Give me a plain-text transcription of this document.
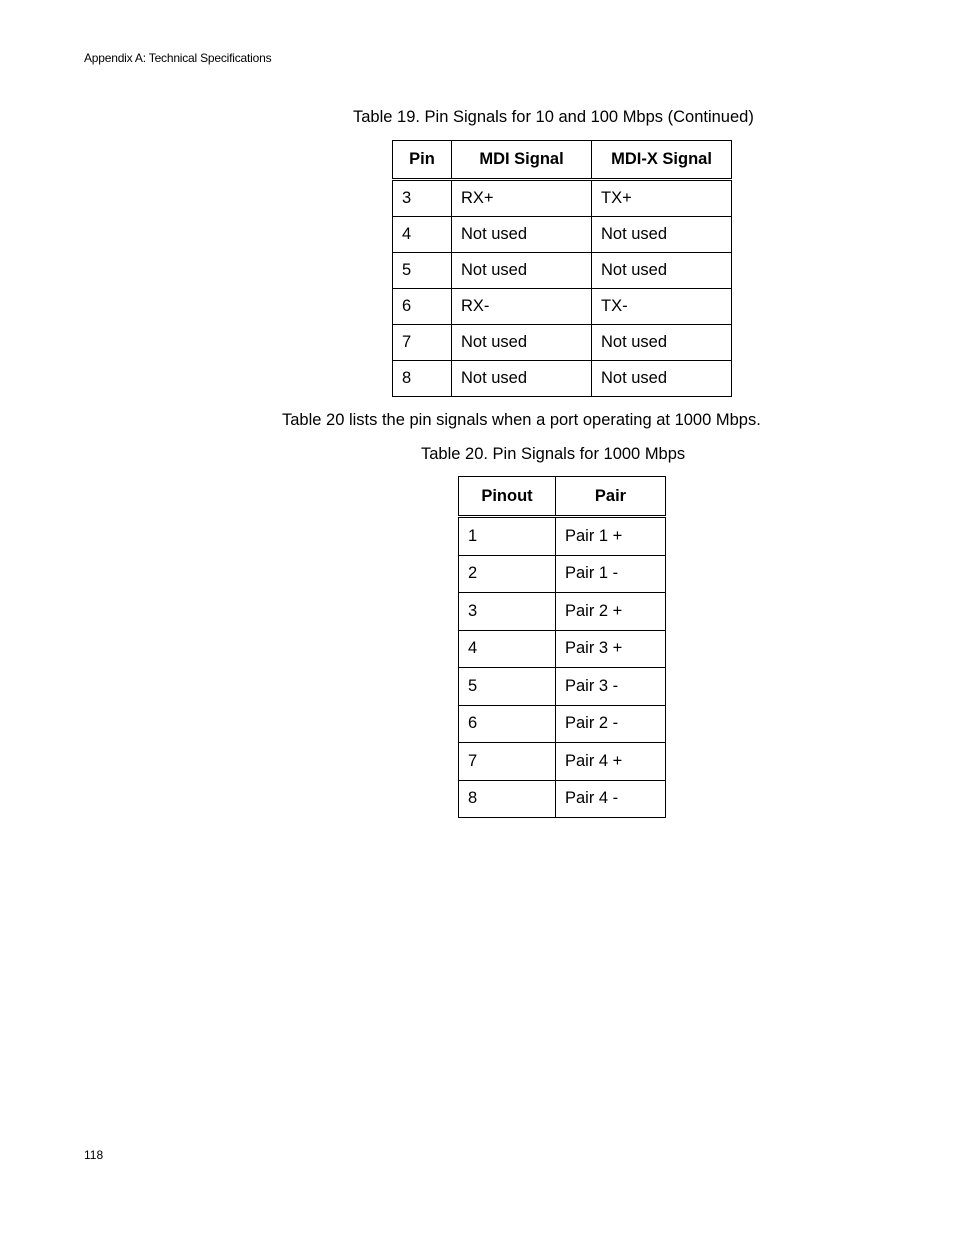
Appendix A: Technical Specifications
Table 19. Pin Signals for 10 and 100 Mbps (Continued)
Pin	MDI Signal	MDI-X Signal
3	RX+	TX+
4	Not used	Not used
5	Not used	Not used
6	RX-	TX-
7	Not used	Not used
8	Not used	Not used
Table 20 lists the pin signals when a port operating at 1000 Mbps.
Table 20. Pin Signals for 1000 Mbps
Pinout	Pair
1	Pair 1 +
2	Pair 1 -
3	Pair 2 +
4	Pair 3 +
5	Pair 3 -
6	Pair 2 -
7	Pair 4 +
8	Pair 4 -
118
